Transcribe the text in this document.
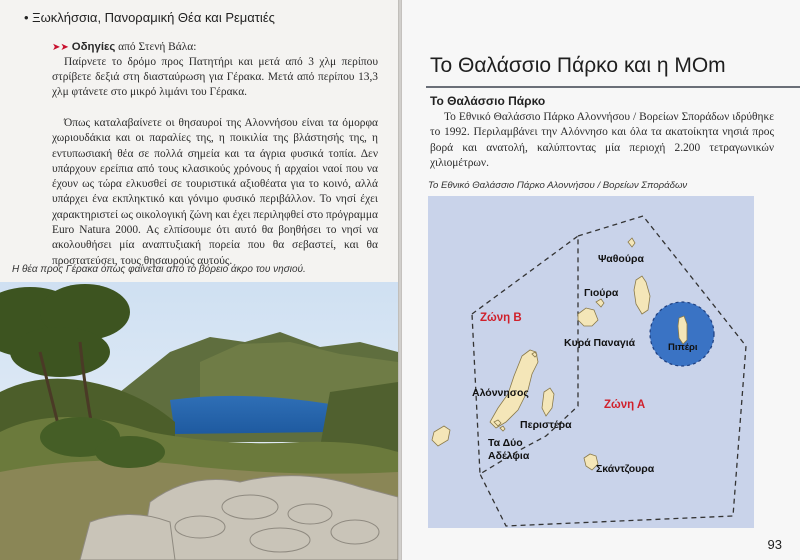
• Ξωκλήσσια, Πανοραμική Θέα και Ρεματιές
➤➤ Οδηγίες από Στενή Βάλα:
Παίρνετε το δρόμο προς Πατητήρι και μετά από 3 χλμ περίπου στρίβετε δεξιά στη διασταύρωση για Γέρακα. Μετά από περίπου 13,3 χλμ φτάνετε στο μικρό λιμάνι του Γέρακα.
Όπως καταλαβαίνετε οι θησαυροί της Αλοννήσου είναι τα όμορφα χωριουδάκια και οι παραλίες της, η ποικιλία της βλάστησής της, η εντυπωσιακή θέα σε πολλά σημεία και τα άγρια φυσικά τοπία. Δεν υπάρχουν ερείπια από τους κλασικούς χρόνους ή αρχαίοι ναοί που να έχουν ως τώρα ελκυσθεί σε τουριστικά αξιοθέατα για το κοινό, αλλά υπάρχει ένα εκπληκτικό και γόνιμο φυσικό περιβάλλον. Το νησί έχει χαρακτηριστεί ως οικολογική ζώνη και έχει περιληφθεί στο πρόγραμμα Euro Natura 2000. Ας ελπίσουμε ότι αυτό θα βοηθήσει το νησί να ακολουθήσει μία αναπτυξιακή πορεία που θα σεβαστεί, και θα προστατεύσει, τους θησαυρούς αυτούς.
Η θέα προς Γέρακα όπως φαίνεται από το βόρειο άκρο του νησιού.
Το Θαλάσσιο Πάρκο και η ΜΟm
Το Θαλάσσιο Πάρκο
Το Εθνικό Θαλάσσιο Πάρκο Αλοννήσου / Βορείων Σποράδων ιδρύθηκε το 1992. Περιλαμβάνει την Αλόννησο και όλα τα ακατοίκητα νησιά προς βορά και ανατολή, καλύπτοντας μία περιοχή 2.200 τετραγωνικών χιλιομέτρων.
Το Εθνικό Θαλάσσιο Πάρκο Αλοννήσου / Βορείων Σποράδων
Ψαθούρα
Γιούρα
Ζώνη Β
Κυρά Παναγιά	Πιπέρι
Αλόννησος
Ζώνη Α
Περιστέρα
Τα Δύο
Αδέλφια
Σκάντζουρα
93
